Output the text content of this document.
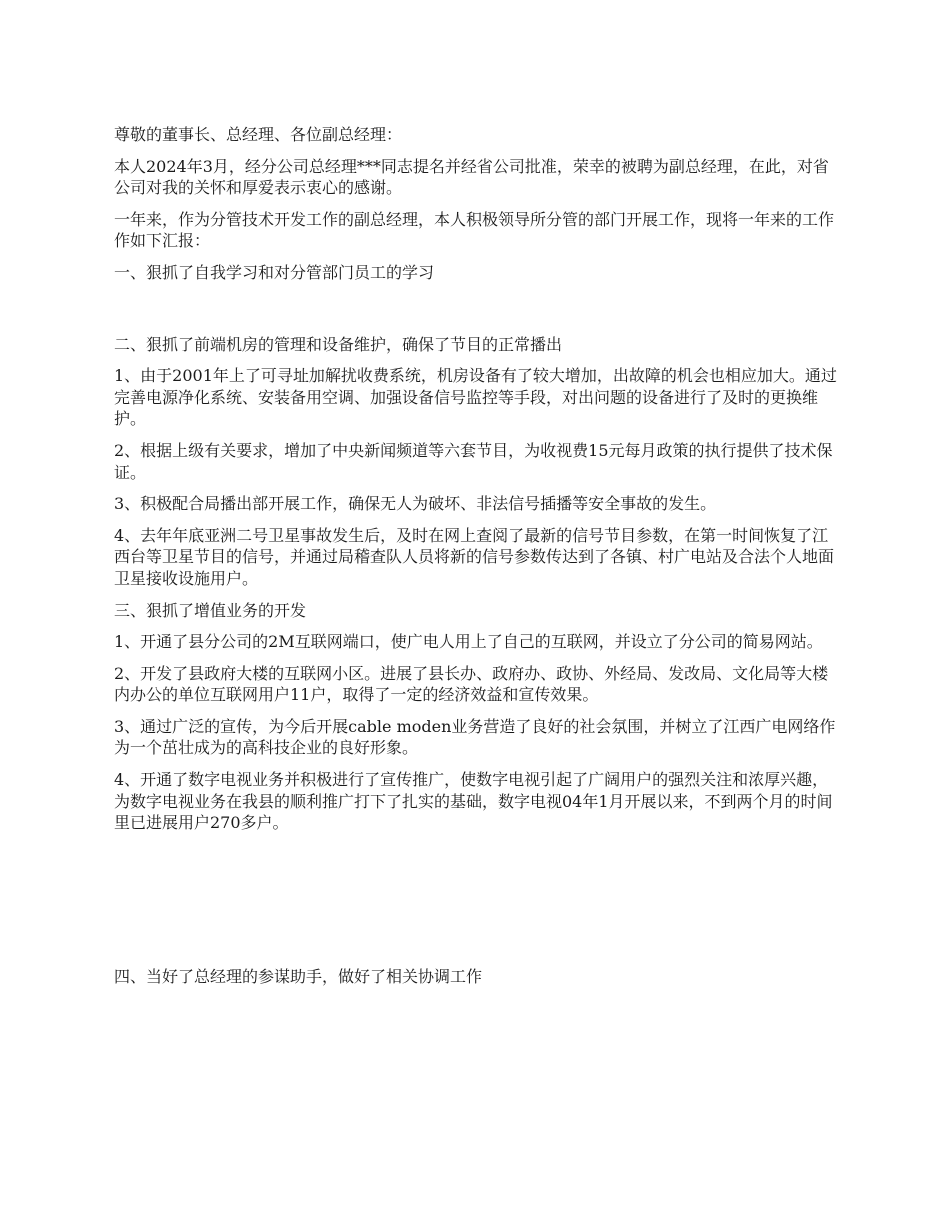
尊敬的董事长、总经理、各位副总经理：

本人2024年3月，经分公司总经理***同志提名并经省公司批准，荣幸的被聘为副总经理，在此，对省公司对我的关怀和厚爱表示衷心的感谢。

一年来，作为分管技术开发工作的副总经理，本人积极领导所分管的部门开展工作，现将一年来的工作作如下汇报：

一、狠抓了自我学习和对分管部门员工的学习

二、狠抓了前端机房的管理和设备维护，确保了节目的正常播出

1、由于2001年上了可寻址加解扰收费系统，机房设备有了较大增加，出故障的机会也相应加大。通过完善电源净化系统、安装备用空调、加强设备信号监控等手段，对出问题的设备进行了及时的更换维护。

2、根据上级有关要求，增加了中央新闻频道等六套节目，为收视费15元每月政策的执行提供了技术保证。

3、积极配合局播出部开展工作，确保无人为破坏、非法信号插播等安全事故的发生。

4、去年年底亚洲二号卫星事故发生后，及时在网上查阅了最新的信号节目参数，在第一时间恢复了江西台等卫星节目的信号，并通过局稽查队人员将新的信号参数传达到了各镇、村广电站及合法个人地面卫星接收设施用户。

三、狠抓了增值业务的开发

1、开通了县分公司的2M互联网端口，使广电人用上了自己的互联网，并设立了分公司的简易网站。

2、开发了县政府大楼的互联网小区。进展了县长办、政府办、政协、外经局、发改局、文化局等大楼内办公的单位互联网用户11户，取得了一定的经济效益和宣传效果。

3、通过广泛的宣传，为今后开展cable moden业务营造了良好的社会氛围，并树立了江西广电网络作为一个茁壮成为的高科技企业的良好形象。

4、开通了数字电视业务并积极进行了宣传推广，使数字电视引起了广阔用户的强烈关注和浓厚兴趣，为数字电视业务在我县的顺利推广打下了扎实的基础，数字电视04年1月开展以来，不到两个月的时间里已进展用户270多户。

四、当好了总经理的参谋助手，做好了相关协调工作
